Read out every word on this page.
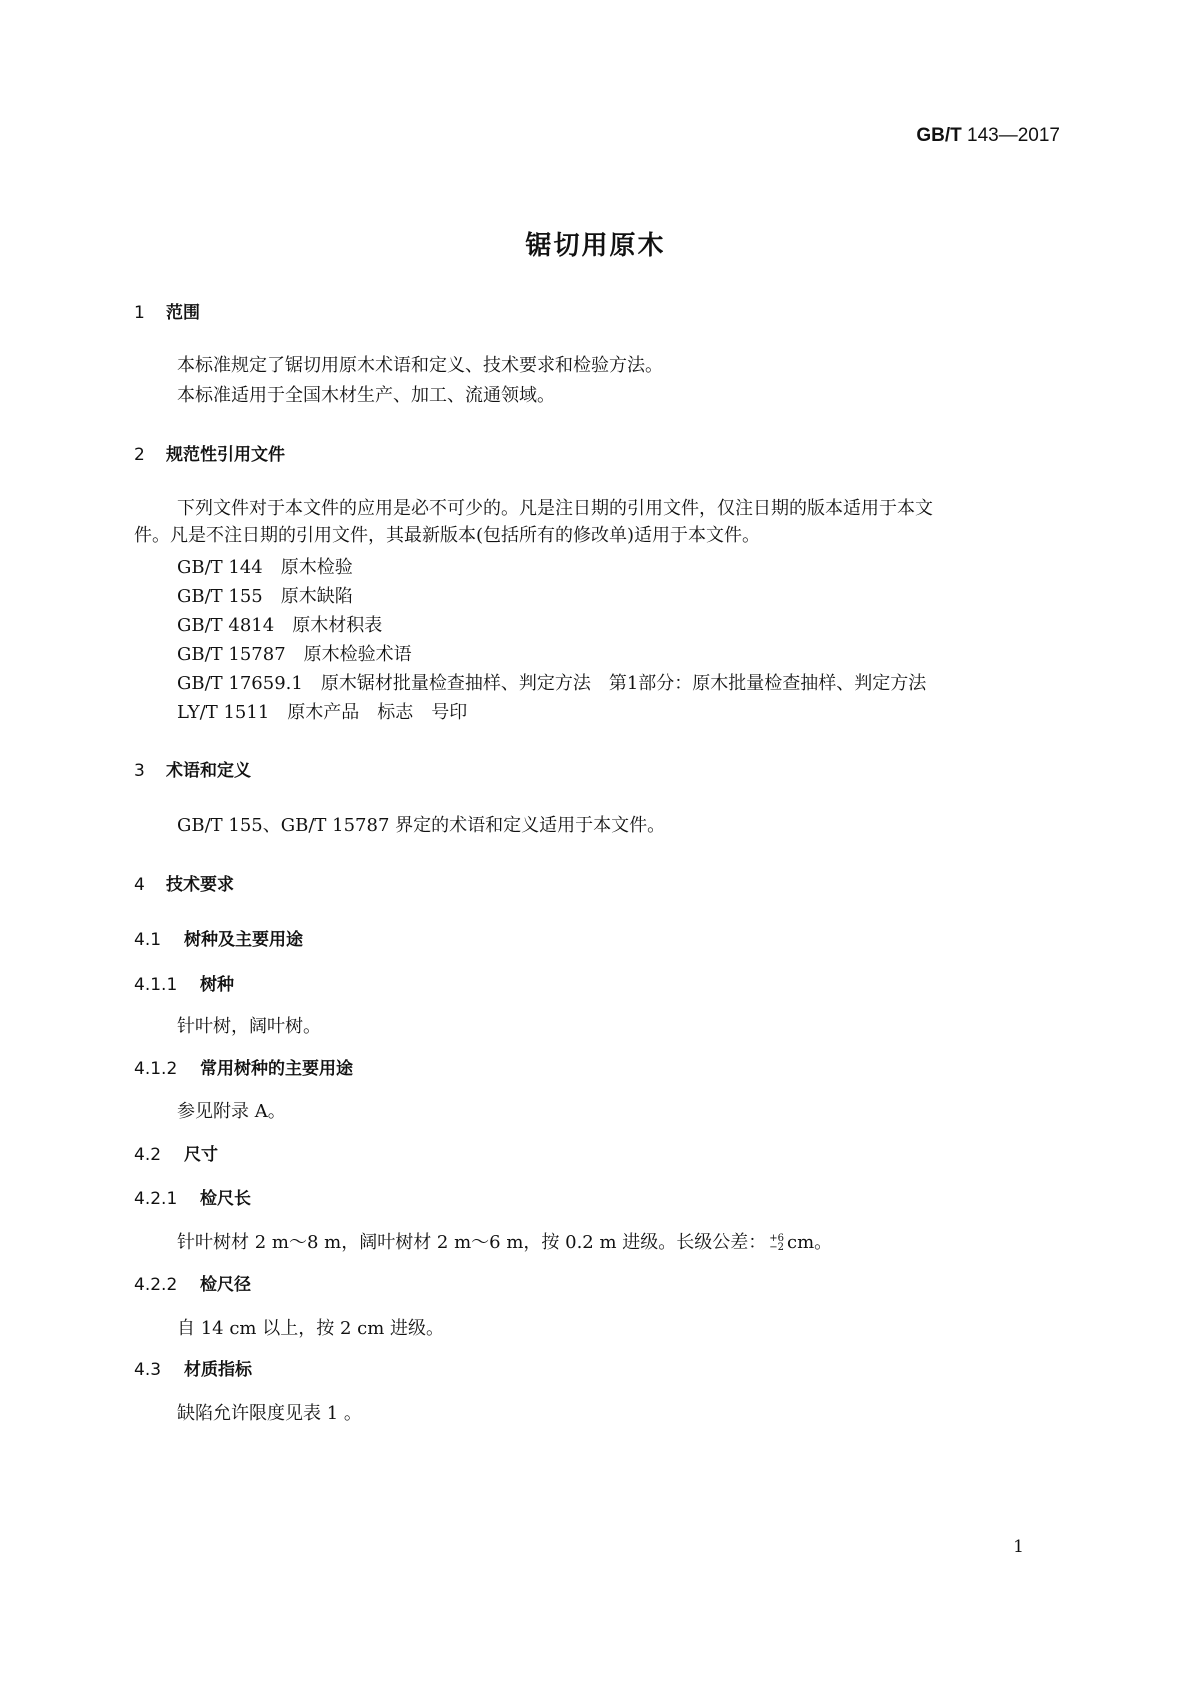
GB/T 143—2017
锯切用原木
1 范围
本标准规定了锯切用原木术语和定义、技术要求和检验方法。
本标准适用于全国木材生产、加工、流通领域。
2 规范性引用文件
下列文件对于本文件的应用是必不可少的。凡是注日期的引用文件，仅注日期的版本适用于本文
件。凡是不注日期的引用文件，其最新版本(包括所有的修改单)适用于本文件。
GB/T 144 原木检验
GB/T 155 原木缺陷
GB/T 4814 原木材积表
GB/T 15787 原木检验术语
GB/T 17659.1 原木锯材批量检查抽样、判定方法　第1部分：原木批量检查抽样、判定方法
LY/T 1511 原木产品　标志　号印
3 术语和定义
GB/T 155、GB/T 15787 界定的术语和定义适用于本文件。
4 技术要求
4.1 树种及主要用途
4.1.1 树种
针叶树，阔叶树。
4.1.2 常用树种的主要用途
参见附录 A。
4.2 尺寸
4.2.1 检尺长
针叶树材 2 m～8 m，阔叶树材 2 m～6 m，按 0.2 m 进级。长级公差： +6
−2 cm。
4.2.2 检尺径
自 14 cm 以上，按 2 cm 进级。
4.3 材质指标
缺陷允许限度见表 1 。
1
